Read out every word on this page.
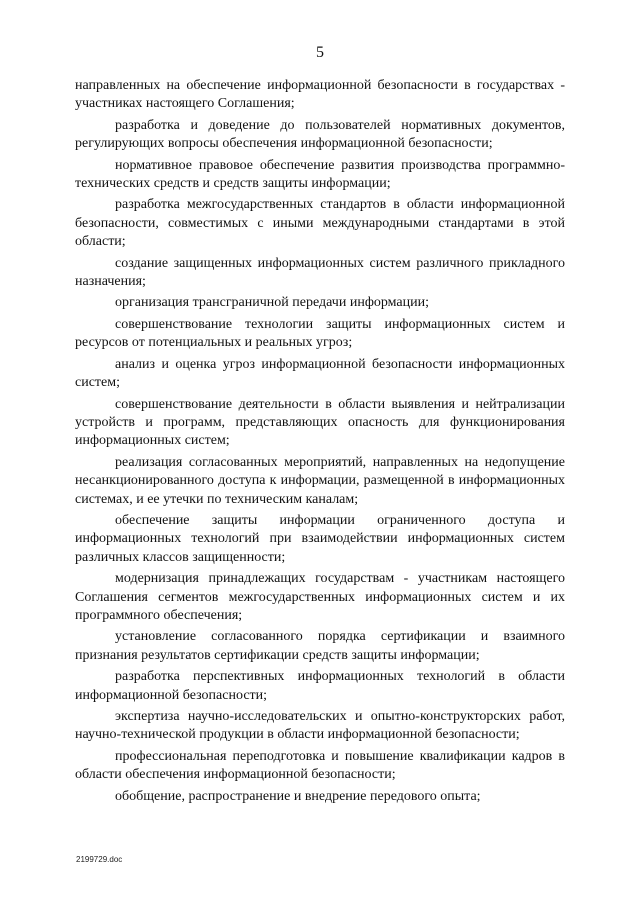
5

направленных на обеспечение информационной безопасности в государствах - участниках настоящего Соглашения;

разработка и доведение до пользователей нормативных документов, регулирующих вопросы обеспечения информационной безопасности;

нормативное правовое обеспечение развития производства программно-технических средств и средств защиты информации;

разработка межгосударственных стандартов в области информационной безопасности, совместимых с иными международными стандартами в этой области;

создание защищенных информационных систем различного прикладного назначения;

организация трансграничной передачи информации;

совершенствование технологии защиты информационных систем и ресурсов от потенциальных и реальных угроз;

анализ и оценка угроз информационной безопасности информационных систем;

совершенствование деятельности в области выявления и нейтрализации устройств и программ, представляющих опасность для функционирования информационных систем;

реализация согласованных мероприятий, направленных на недопущение несанкционированного доступа к информации, размещенной в информационных системах, и ее утечки по техническим каналам;

обеспечение защиты информации ограниченного доступа и информационных технологий при взаимодействии информационных систем различных классов защищенности;

модернизация принадлежащих государствам - участникам настоящего Соглашения сегментов межгосударственных информационных систем и их программного обеспечения;

установление согласованного порядка сертификации и взаимного признания результатов сертификации средств защиты информации;

разработка перспективных информационных технологий в области информационной безопасности;

экспертиза научно-исследовательских и опытно-конструкторских работ, научно-технической продукции в области информационной безопасности;

профессиональная переподготовка и повышение квалификации кадров в области обеспечения информационной безопасности;

обобщение, распространение и внедрение передового опыта;

2199729.doc
